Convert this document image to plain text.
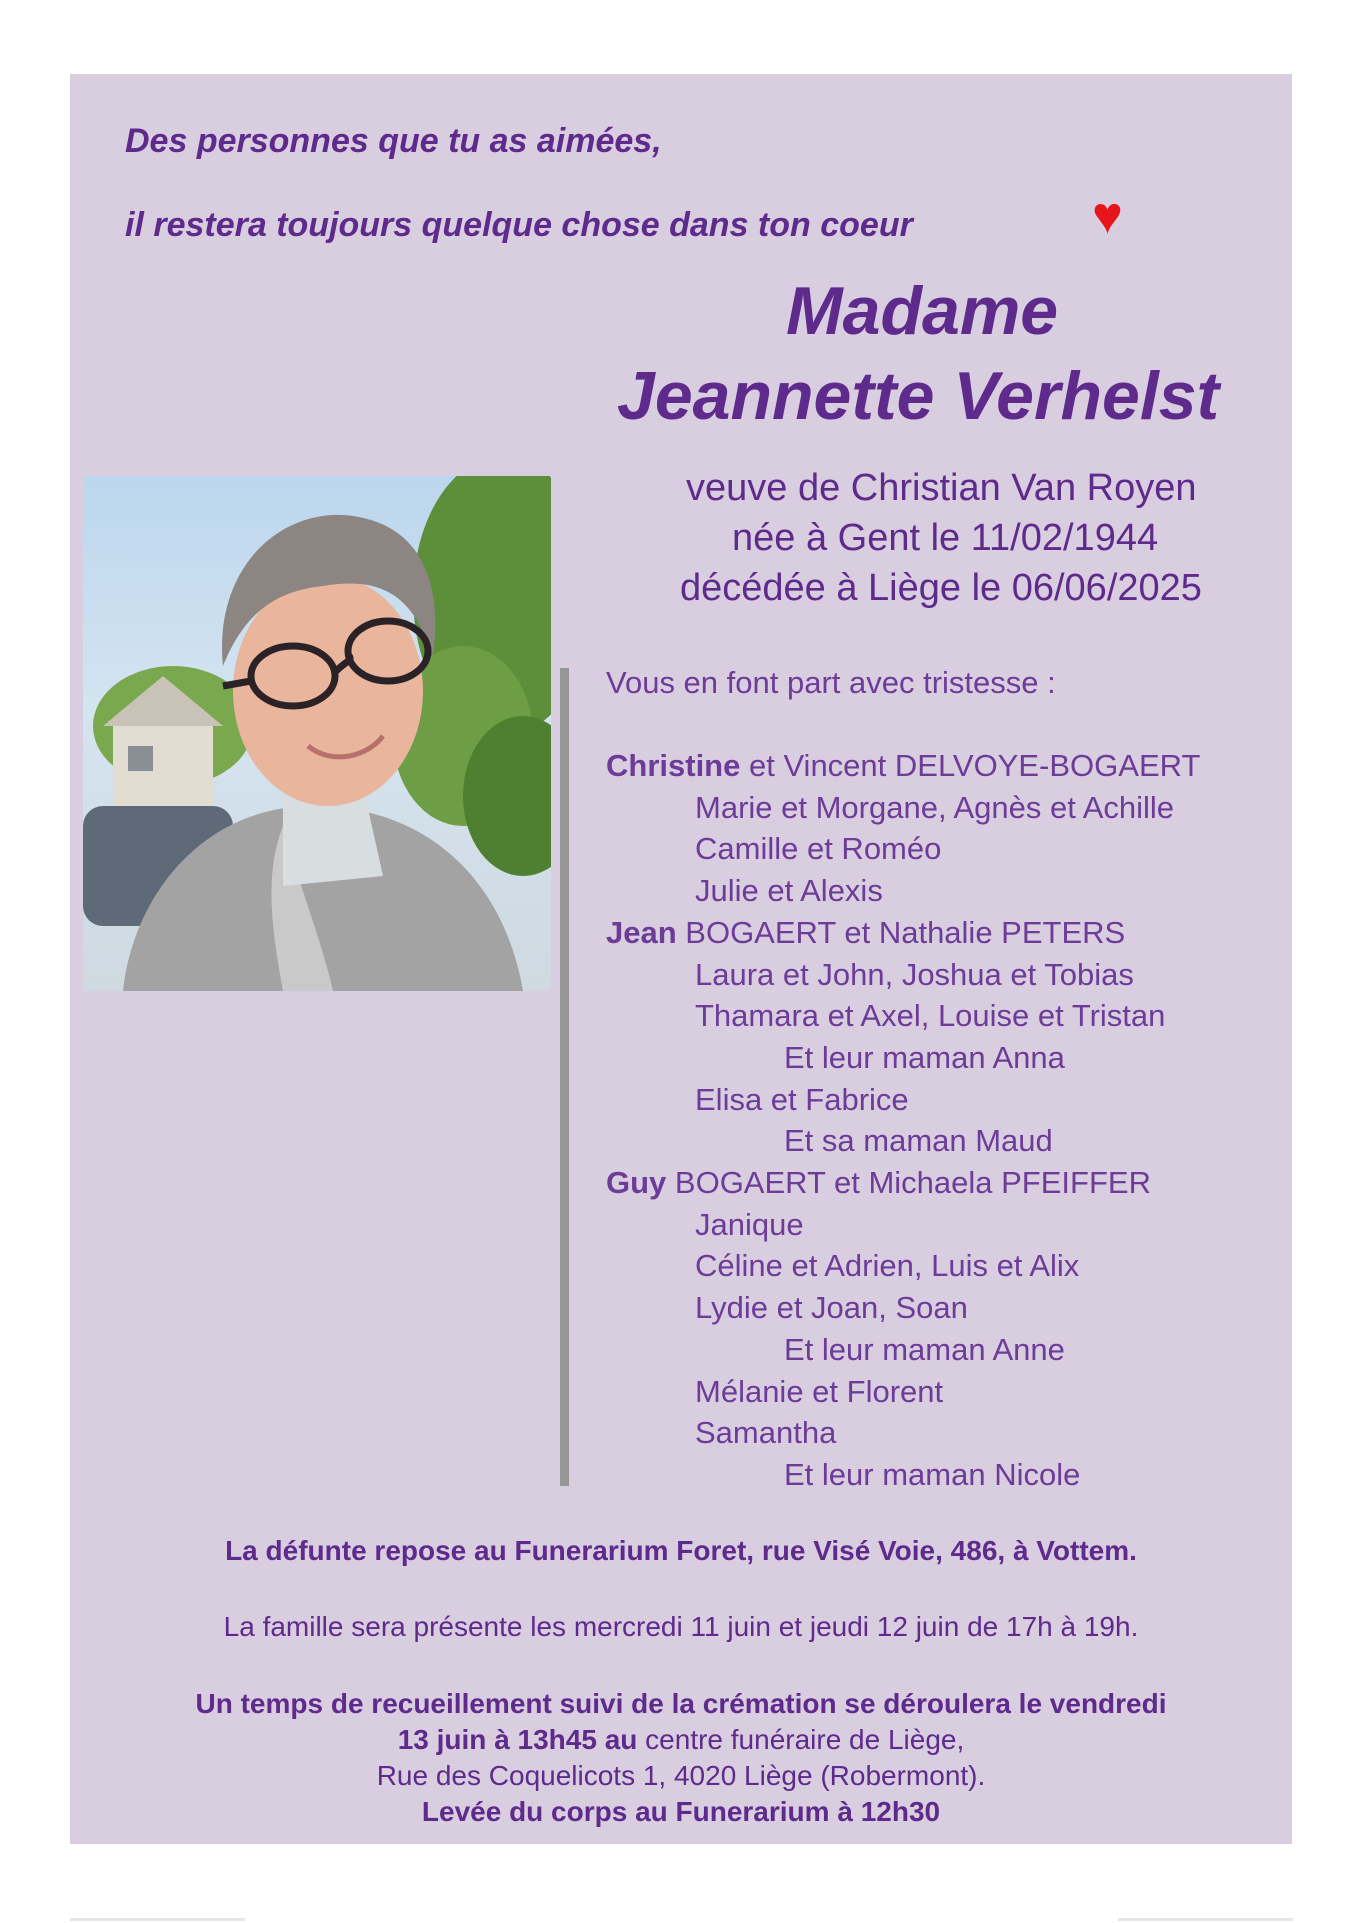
Des personnes que tu as aimées,
il restera toujours quelque chose dans ton coeur	♥
Madame
Jeannette Verhelst
veuve de Christian Van Royen
née à Gent le 11/02/1944
décédée à Liège le 06/06/2025
Vous en font part avec tristesse :
Christine et Vincent DELVOYE-BOGAERT
Marie et Morgane, Agnès et Achille
Camille et Roméo
Julie et Alexis
Jean BOGAERT et Nathalie PETERS
Laura et John, Joshua et Tobias
Thamara et Axel, Louise et Tristan
Et leur maman Anna
Elisa et Fabrice
Et sa maman Maud
Guy BOGAERT et Michaela PFEIFFER
Janique
Céline et Adrien, Luis et Alix
Lydie et Joan, Soan
Et leur maman Anne
Mélanie et Florent
Samantha
Et leur maman Nicole
La défunte repose au Funerarium Foret, rue Visé Voie, 486, à Vottem.
La famille sera présente les mercredi 11 juin et jeudi 12 juin de 17h à 19h.
Un temps de recueillement suivi de la crémation se déroulera le vendredi
13 juin à 13h45 au centre funéraire de Liège,
Rue des Coquelicots 1, 4020 Liège (Robermont).
Levée du corps au Funerarium à 12h30
